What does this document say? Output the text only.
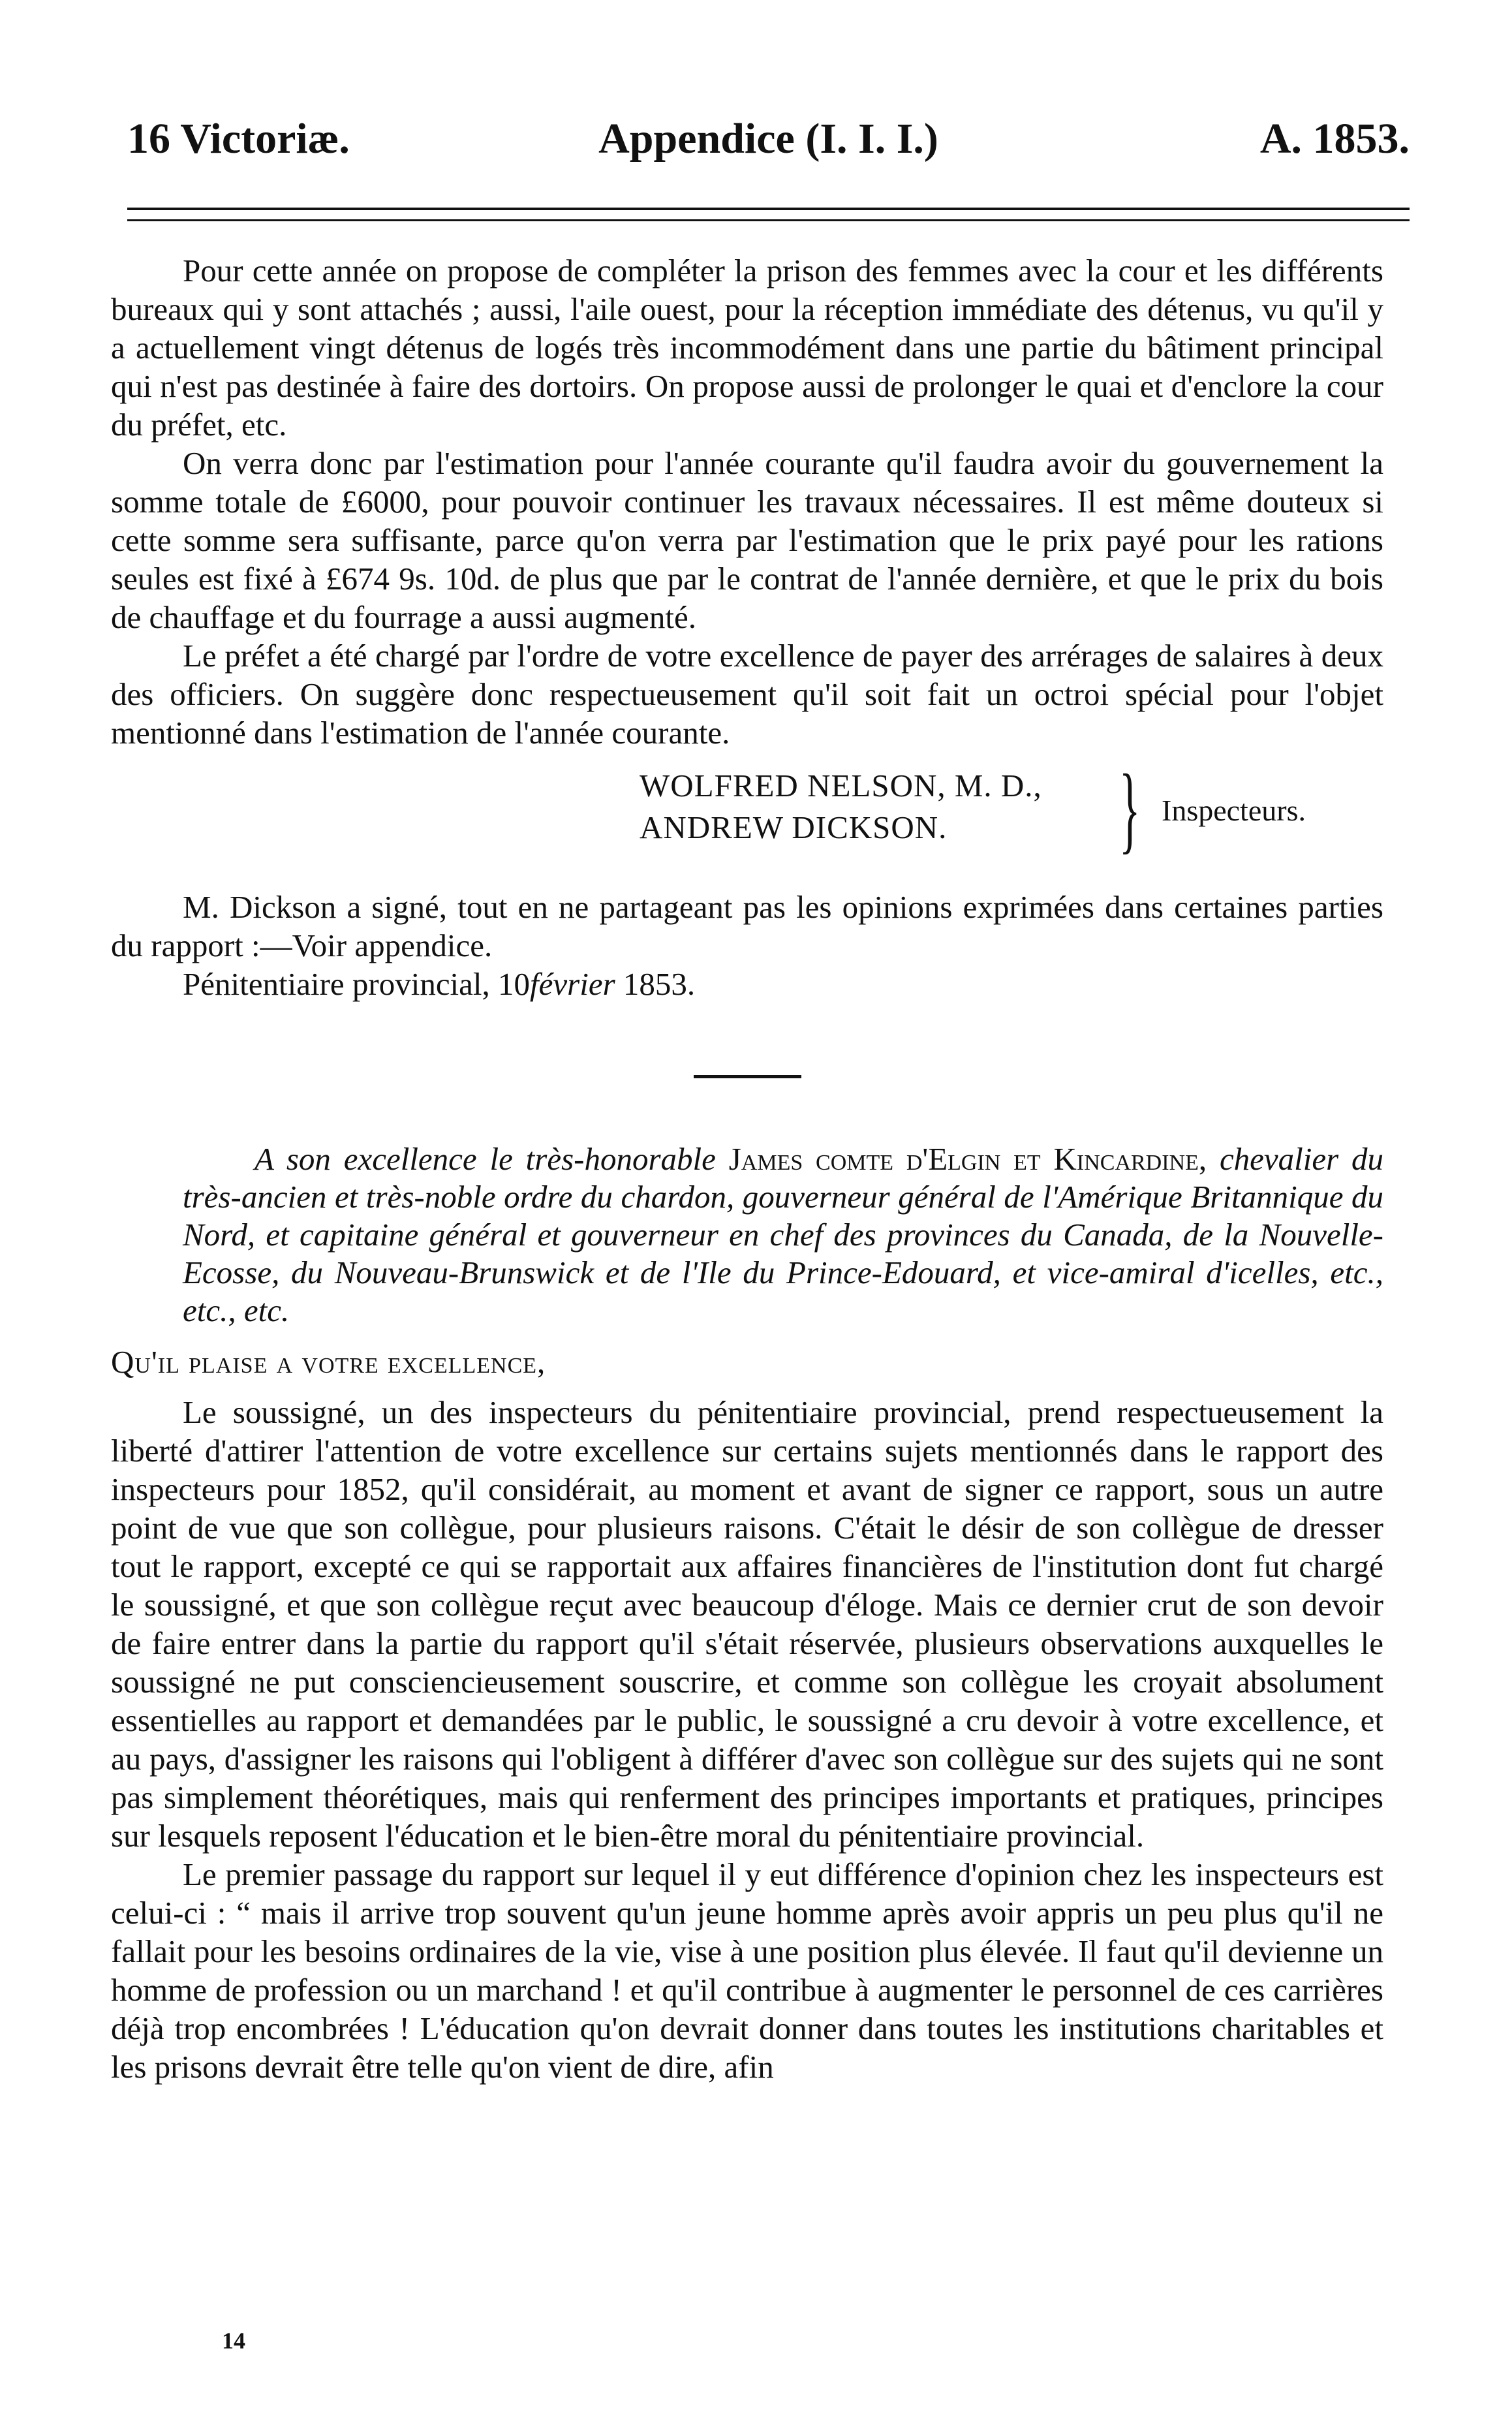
16 Victoriæ.	Appendice (I. I. I.)	A. 1853.

Pour cette année on propose de compléter la prison des femmes avec la cour et les différents bureaux qui y sont attachés ; aussi, l'aile ouest, pour la réception immédiate des détenus, vu qu'il y a actuellement vingt détenus de logés très incommodément dans une partie du bâtiment principal qui n'est pas destinée à faire des dortoirs. On propose aussi de prolonger le quai et d'enclore la cour du préfet, etc.

On verra donc par l'estimation pour l'année courante qu'il faudra avoir du gouvernement la somme totale de £6000, pour pouvoir continuer les travaux nécessaires. Il est même douteux si cette somme sera suffisante, parce qu'on verra par l'estimation que le prix payé pour les rations seules est fixé à £674 9s. 10d. de plus que par le contrat de l'année dernière, et que le prix du bois de chauffage et du fourrage a aussi augmenté.

Le préfet a été chargé par l'ordre de votre excellence de payer des arrérages de salaires à deux des officiers. On suggère donc respectueusement qu'il soit fait un octroi spécial pour l'objet mentionné dans l'estimation de l'année courante.

WOLFRED NELSON, M. D.,
ANDREW DICKSON.	} Inspecteurs.

M. Dickson a signé, tout en ne partageant pas les opinions exprimées dans certaines parties du rapport :—Voir appendice.

Pénitentiaire provincial, 10février 1853.

A son excellence le très-honorable James comte d'Elgin et Kincardine, chevalier du très-ancien et très-noble ordre du chardon, gouverneur général de l'Amérique Britannique du Nord, et capitaine général et gouverneur en chef des provinces du Canada, de la Nouvelle-Ecosse, du Nouveau-Brunswick et de l'Ile du Prince-Edouard, et vice-amiral d'icelles, etc., etc., etc.

Qu'il plaise a votre excellence,

Le soussigné, un des inspecteurs du pénitentiaire provincial, prend respectueusement la liberté d'attirer l'attention de votre excellence sur certains sujets mentionnés dans le rapport des inspecteurs pour 1852, qu'il considérait, au moment et avant de signer ce rapport, sous un autre point de vue que son collègue, pour plusieurs raisons. C'était le désir de son collègue de dresser tout le rapport, excepté ce qui se rapportait aux affaires financières de l'institution dont fut chargé le soussigné, et que son collègue reçut avec beaucoup d'éloge. Mais ce dernier crut de son devoir de faire entrer dans la partie du rapport qu'il s'était réservée, plusieurs observations auxquelles le soussigné ne put consciencieusement souscrire, et comme son collègue les croyait absolument essentielles au rapport et demandées par le public, le soussigné a cru devoir à votre excellence, et au pays, d'assigner les raisons qui l'obligent à différer d'avec son collègue sur des sujets qui ne sont pas simplement théorétiques, mais qui renferment des principes importants et pratiques, principes sur lesquels reposent l'éducation et le bien-être moral du pénitentiaire provincial.

Le premier passage du rapport sur lequel il y eut différence d'opinion chez les inspecteurs est celui-ci : “ mais il arrive trop souvent qu'un jeune homme après avoir appris un peu plus qu'il ne fallait pour les besoins ordinaires de la vie, vise à une position plus élevée. Il faut qu'il devienne un homme de profession ou un marchand ! et qu'il contribue à augmenter le personnel de ces carrières déjà trop encombrées ! L'éducation qu'on devrait donner dans toutes les institutions charitables et les prisons devrait être telle qu'on vient de dire, afin

14
